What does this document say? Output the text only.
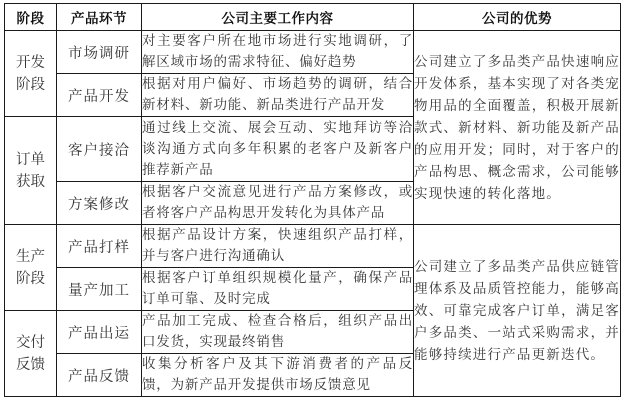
阶段	产品环节	公司主要工作内容	公司的优势
开发阶段	市场调研	对主要客户所在地市场进行实地调研，了解区域市场的需求特征、偏好趋势	公司建立了多品类产品快速响应开发体系，基本实现了对各类宠物用品的全面覆盖，积极开展新款式、新材料、新功能及新产品的应用开发；同时，对于客户的产品构思、概念需求，公司能够实现快速的转化落地。
	产品开发	根据对用户偏好、市场趋势的调研，结合新材料、新功能、新品类进行产品开发	
订单获取	客户接洽	通过线上交流、展会互动、实地拜访等洽谈沟通方式向多年积累的老客户及新客户推荐新产品	
	方案修改	根据客户交流意见进行产品方案修改，或者将客户产品构思开发转化为具体产品	
生产阶段	产品打样	根据产品设计方案，快速组织产品打样，并与客户进行沟通确认	公司建立了多品类产品供应链管理体系及品质管控能力，能够高效、可靠完成客户订单，满足客户多品类、一站式采购需求，并能够持续进行产品更新迭代。
	量产加工	根据客户订单组织规模化量产，确保产品订单可靠、及时完成	
交付反馈	产品出运	产品加工完成、检查合格后，组织产品出口发货，实现最终销售	
	产品反馈	收集分析客户及其下游消费者的产品反馈，为新产品开发提供市场反馈意见	
